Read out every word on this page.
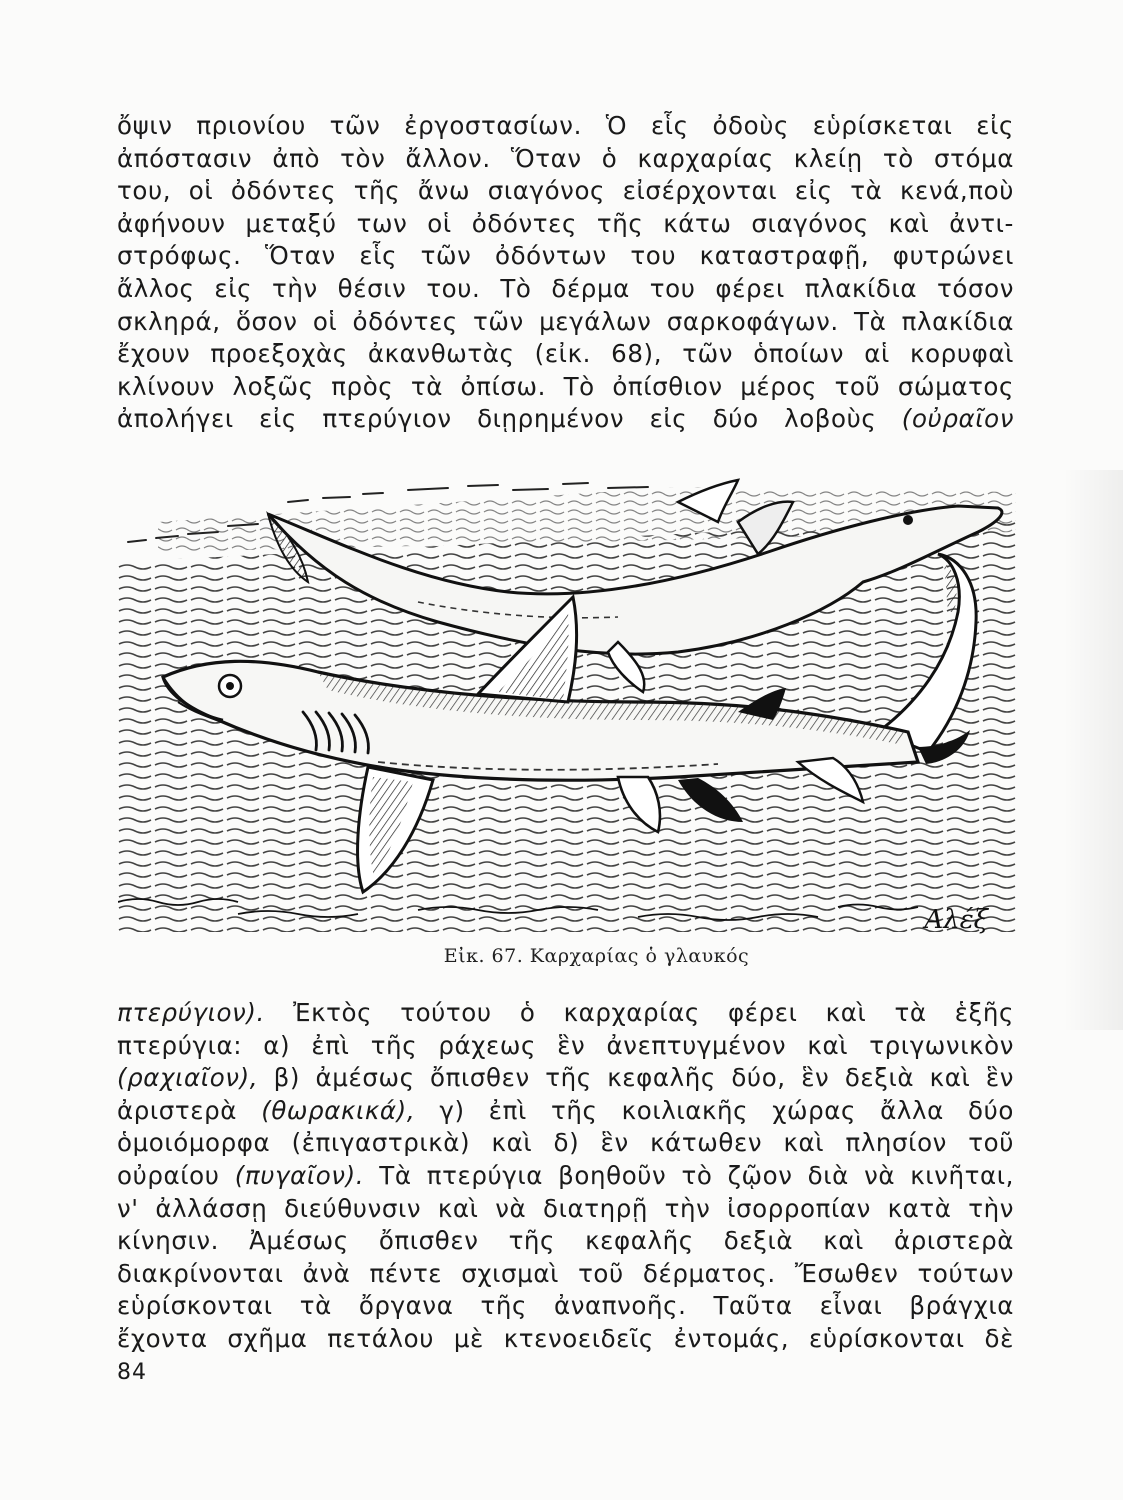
ὄψιν πριονίου τῶν ἐργοστασίων. Ὁ εἷς ὀδοὺς εὑρίσκεται εἰς
ἀπόστασιν ἀπὸ τὸν ἄλλον. Ὅταν ὁ καρχαρίας κλείῃ τὸ στόμα
του, οἱ ὀδόντες τῆς ἄνω σιαγόνος εἰσέρχονται εἰς τὰ κενά,ποὺ
ἀφήνουν μεταξύ των οἱ ὀδόντες τῆς κάτω σιαγόνος καὶ ἀντι-
στρόφως. Ὅταν εἷς τῶν ὀδόντων του καταστραφῇ, φυτρώνει
ἄλλος εἰς τὴν θέσιν του. Τὸ δέρμα του φέρει πλακίδια τόσον
σκληρά, ὅσον οἱ ὀδόντες τῶν μεγάλων σαρκοφάγων. Τὰ πλακίδια
ἔχουν προεξοχὰς ἀκανθωτὰς (εἰκ. 68), τῶν ὁποίων αἱ κορυφαὶ
κλίνουν λοξῶς πρὸς τὰ ὀπίσω. Τὸ ὀπίσθιον μέρος τοῦ σώματος
ἀπολήγει εἰς πτερύγιον διῃρημένον εἰς δύο λοβοὺς (οὐραῖον
Αλέξ
Εἰκ. 67. Καρχαρίας ὁ γλαυκός
πτερύγιον). Ἐκτὸς τούτου ὁ καρχαρίας φέρει καὶ τὰ ἑξῆς
πτερύγια: α) ἐπὶ τῆς ράχεως ἓν ἀνεπτυγμένον καὶ τριγωνικὸν
(ραχιαῖον), β) ἀμέσως ὄπισθεν τῆς κεφαλῆς δύο, ἓν δεξιὰ καὶ ἓν
ἀριστερὰ (θωρακικά), γ) ἐπὶ τῆς κοιλιακῆς χώρας ἄλλα δύο
ὁμοιόμορφα (ἐπιγαστρικὰ) καὶ δ) ἓν κάτωθεν καὶ πλησίον τοῦ
οὐραίου (πυγαῖον). Τὰ πτερύγια βοηθοῦν τὸ ζῷον διὰ νὰ κινῆται,
ν' ἀλλάσσῃ διεύθυνσιν καὶ νὰ διατηρῇ τὴν ἰσορροπίαν κατὰ τὴν
κίνησιν. Ἀμέσως ὄπισθεν τῆς κεφαλῆς δεξιὰ καὶ ἀριστερὰ
διακρίνονται ἀνὰ πέντε σχισμαὶ τοῦ δέρματος. Ἔσωθεν τούτων
εὑρίσκονται τὰ ὄργανα τῆς ἀναπνοῆς. Ταῦτα εἶναι βράγχια
ἔχοντα σχῆμα πετάλου μὲ κτενοειδεῖς ἐντομάς, εὑρίσκονται δὲ
84
